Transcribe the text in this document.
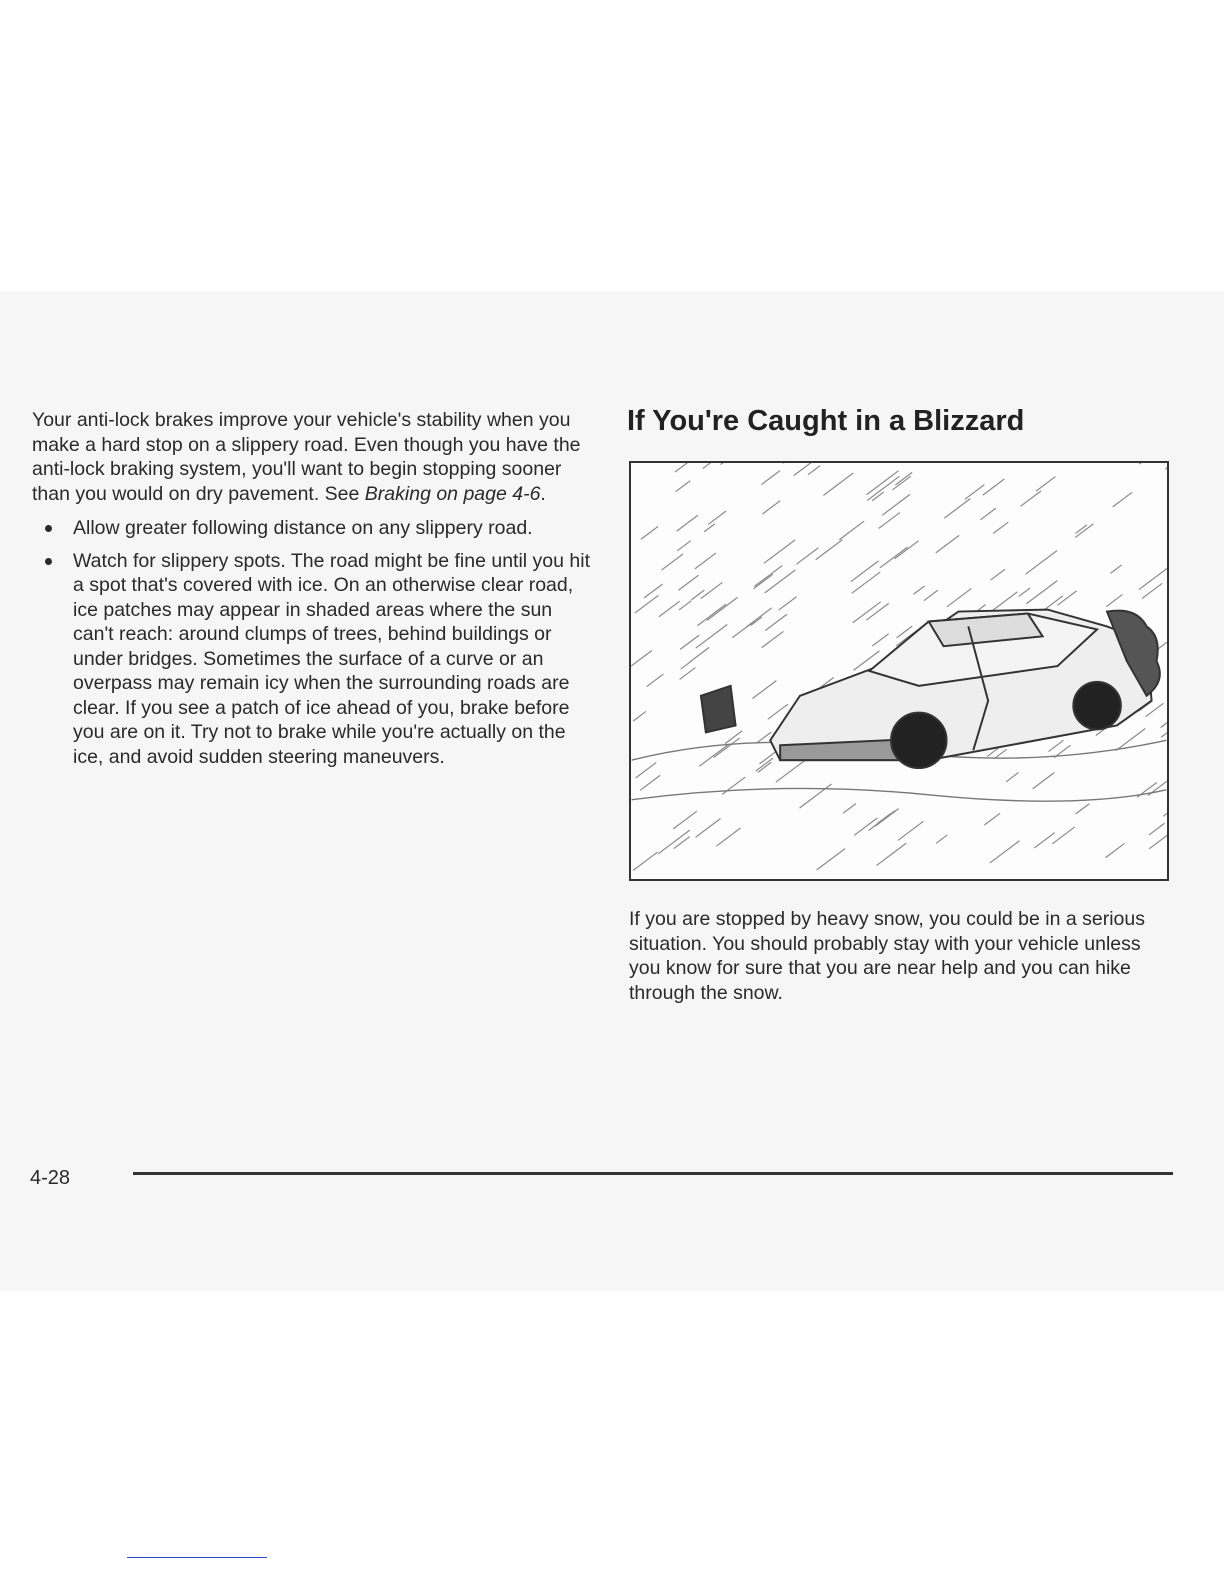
Your anti-lock brakes improve your vehicle's stability when you make a hard stop on a slippery road. Even though you have the anti-lock braking system, you'll want to begin stopping sooner than you would on dry pavement. See Braking on page 4-6.

Allow greater following distance on any slippery road.
Watch for slippery spots. The road might be fine until you hit a spot that's covered with ice. On an otherwise clear road, ice patches may appear in shaded areas where the sun can't reach: around clumps of trees, behind buildings or under bridges. Sometimes the surface of a curve or an overpass may remain icy when the surrounding roads are clear. If you see a patch of ice ahead of you, brake before you are on it. Try not to brake while you're actually on the ice, and avoid sudden steering maneuvers.
If You're Caught in a Blizzard

If you are stopped by heavy snow, you could be in a serious situation. You should probably stay with your vehicle unless you know for sure that you are near help and you can hike through the snow.

4-28
